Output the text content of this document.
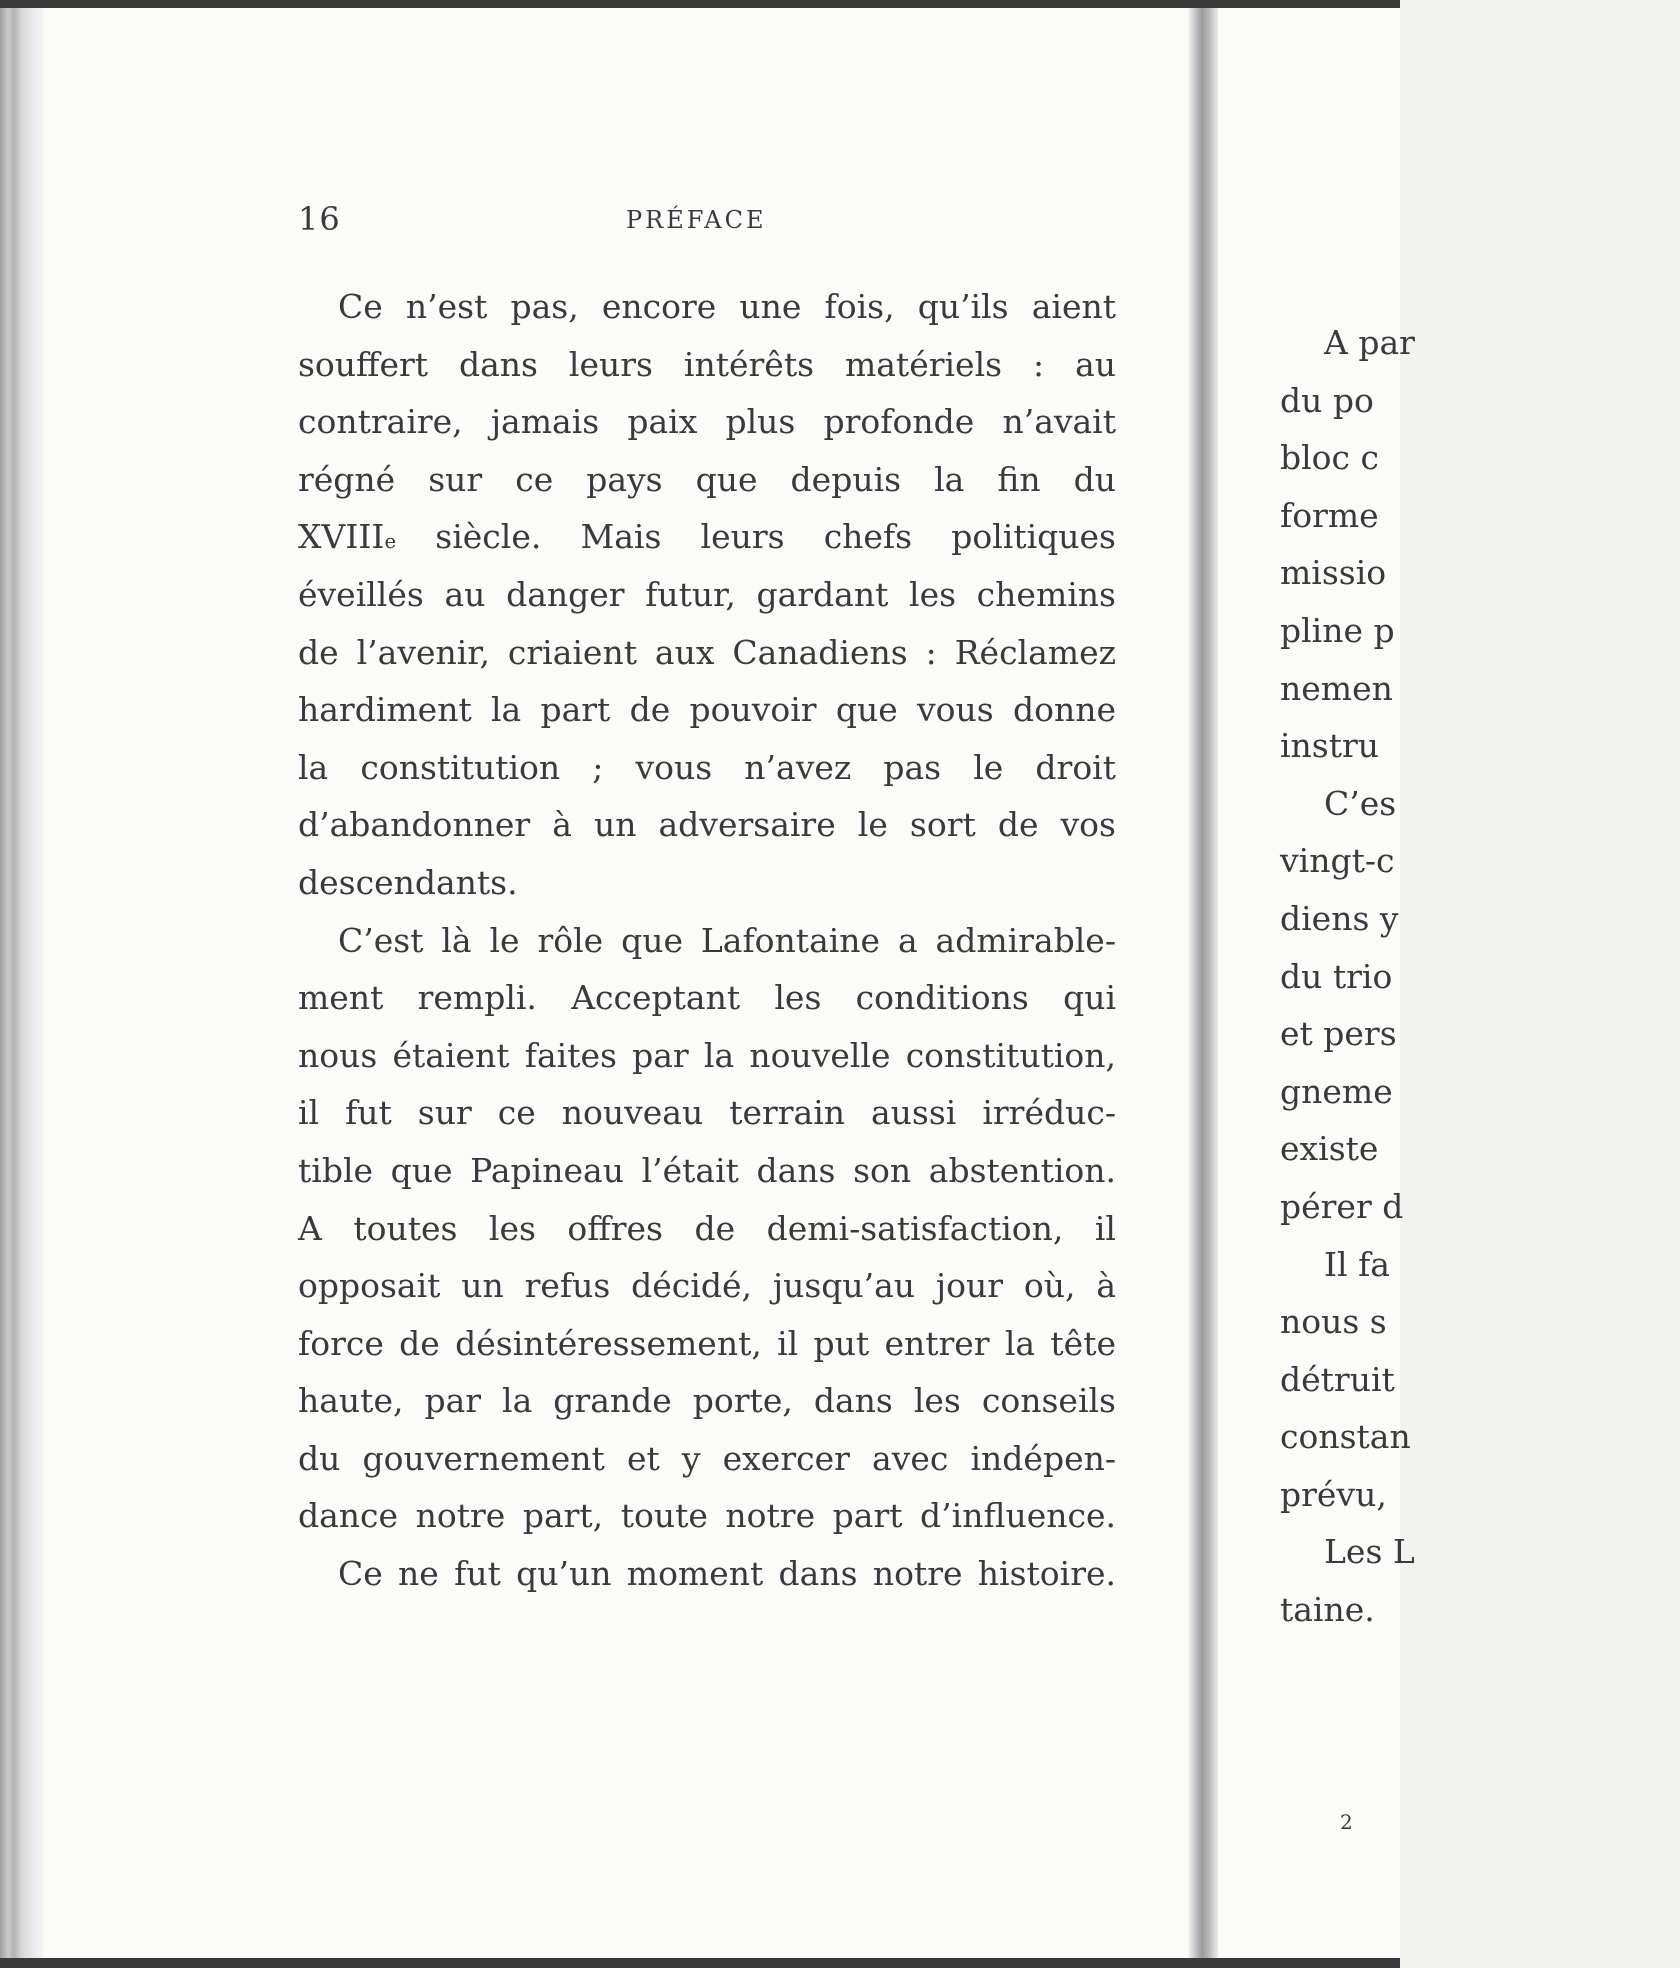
16	PRÉFACE
Ce n’est pas, encore une fois, qu’ils aient
souffert dans leurs intérêts matériels : au
contraire, jamais paix plus profonde n’avait
régné sur ce pays que depuis la fin du
XVIIIe siècle. Mais leurs chefs politiques
éveillés au danger futur, gardant les chemins
de l’avenir, criaient aux Canadiens : Réclamez
hardiment la part de pouvoir que vous donne
la constitution ; vous n’avez pas le droit
d’abandonner à un adversaire le sort de vos
descendants.
C’est là le rôle que Lafontaine a admirable-
ment rempli. Acceptant les conditions qui
nous étaient faites par la nouvelle constitution,
il fut sur ce nouveau terrain aussi irréduc-
tible que Papineau l’était dans son abstention.
A toutes les offres de demi-satisfaction, il
opposait un refus décidé, jusqu’au jour où, à
force de désintéressement, il put entrer la tête
haute, par la grande porte, dans les conseils
du gouvernement et y exercer avec indépen-
dance notre part, toute notre part d’influence.
Ce ne fut qu’un moment dans notre histoire.
A par
du po
bloc c
forme
missio
pline p
nemen
instru
C’es
vingt-c
diens y
du trio
et pers
gneme
existe
pérer d
Il fa
nous s
détruit
constan
prévu,
Les L
taine.
2
